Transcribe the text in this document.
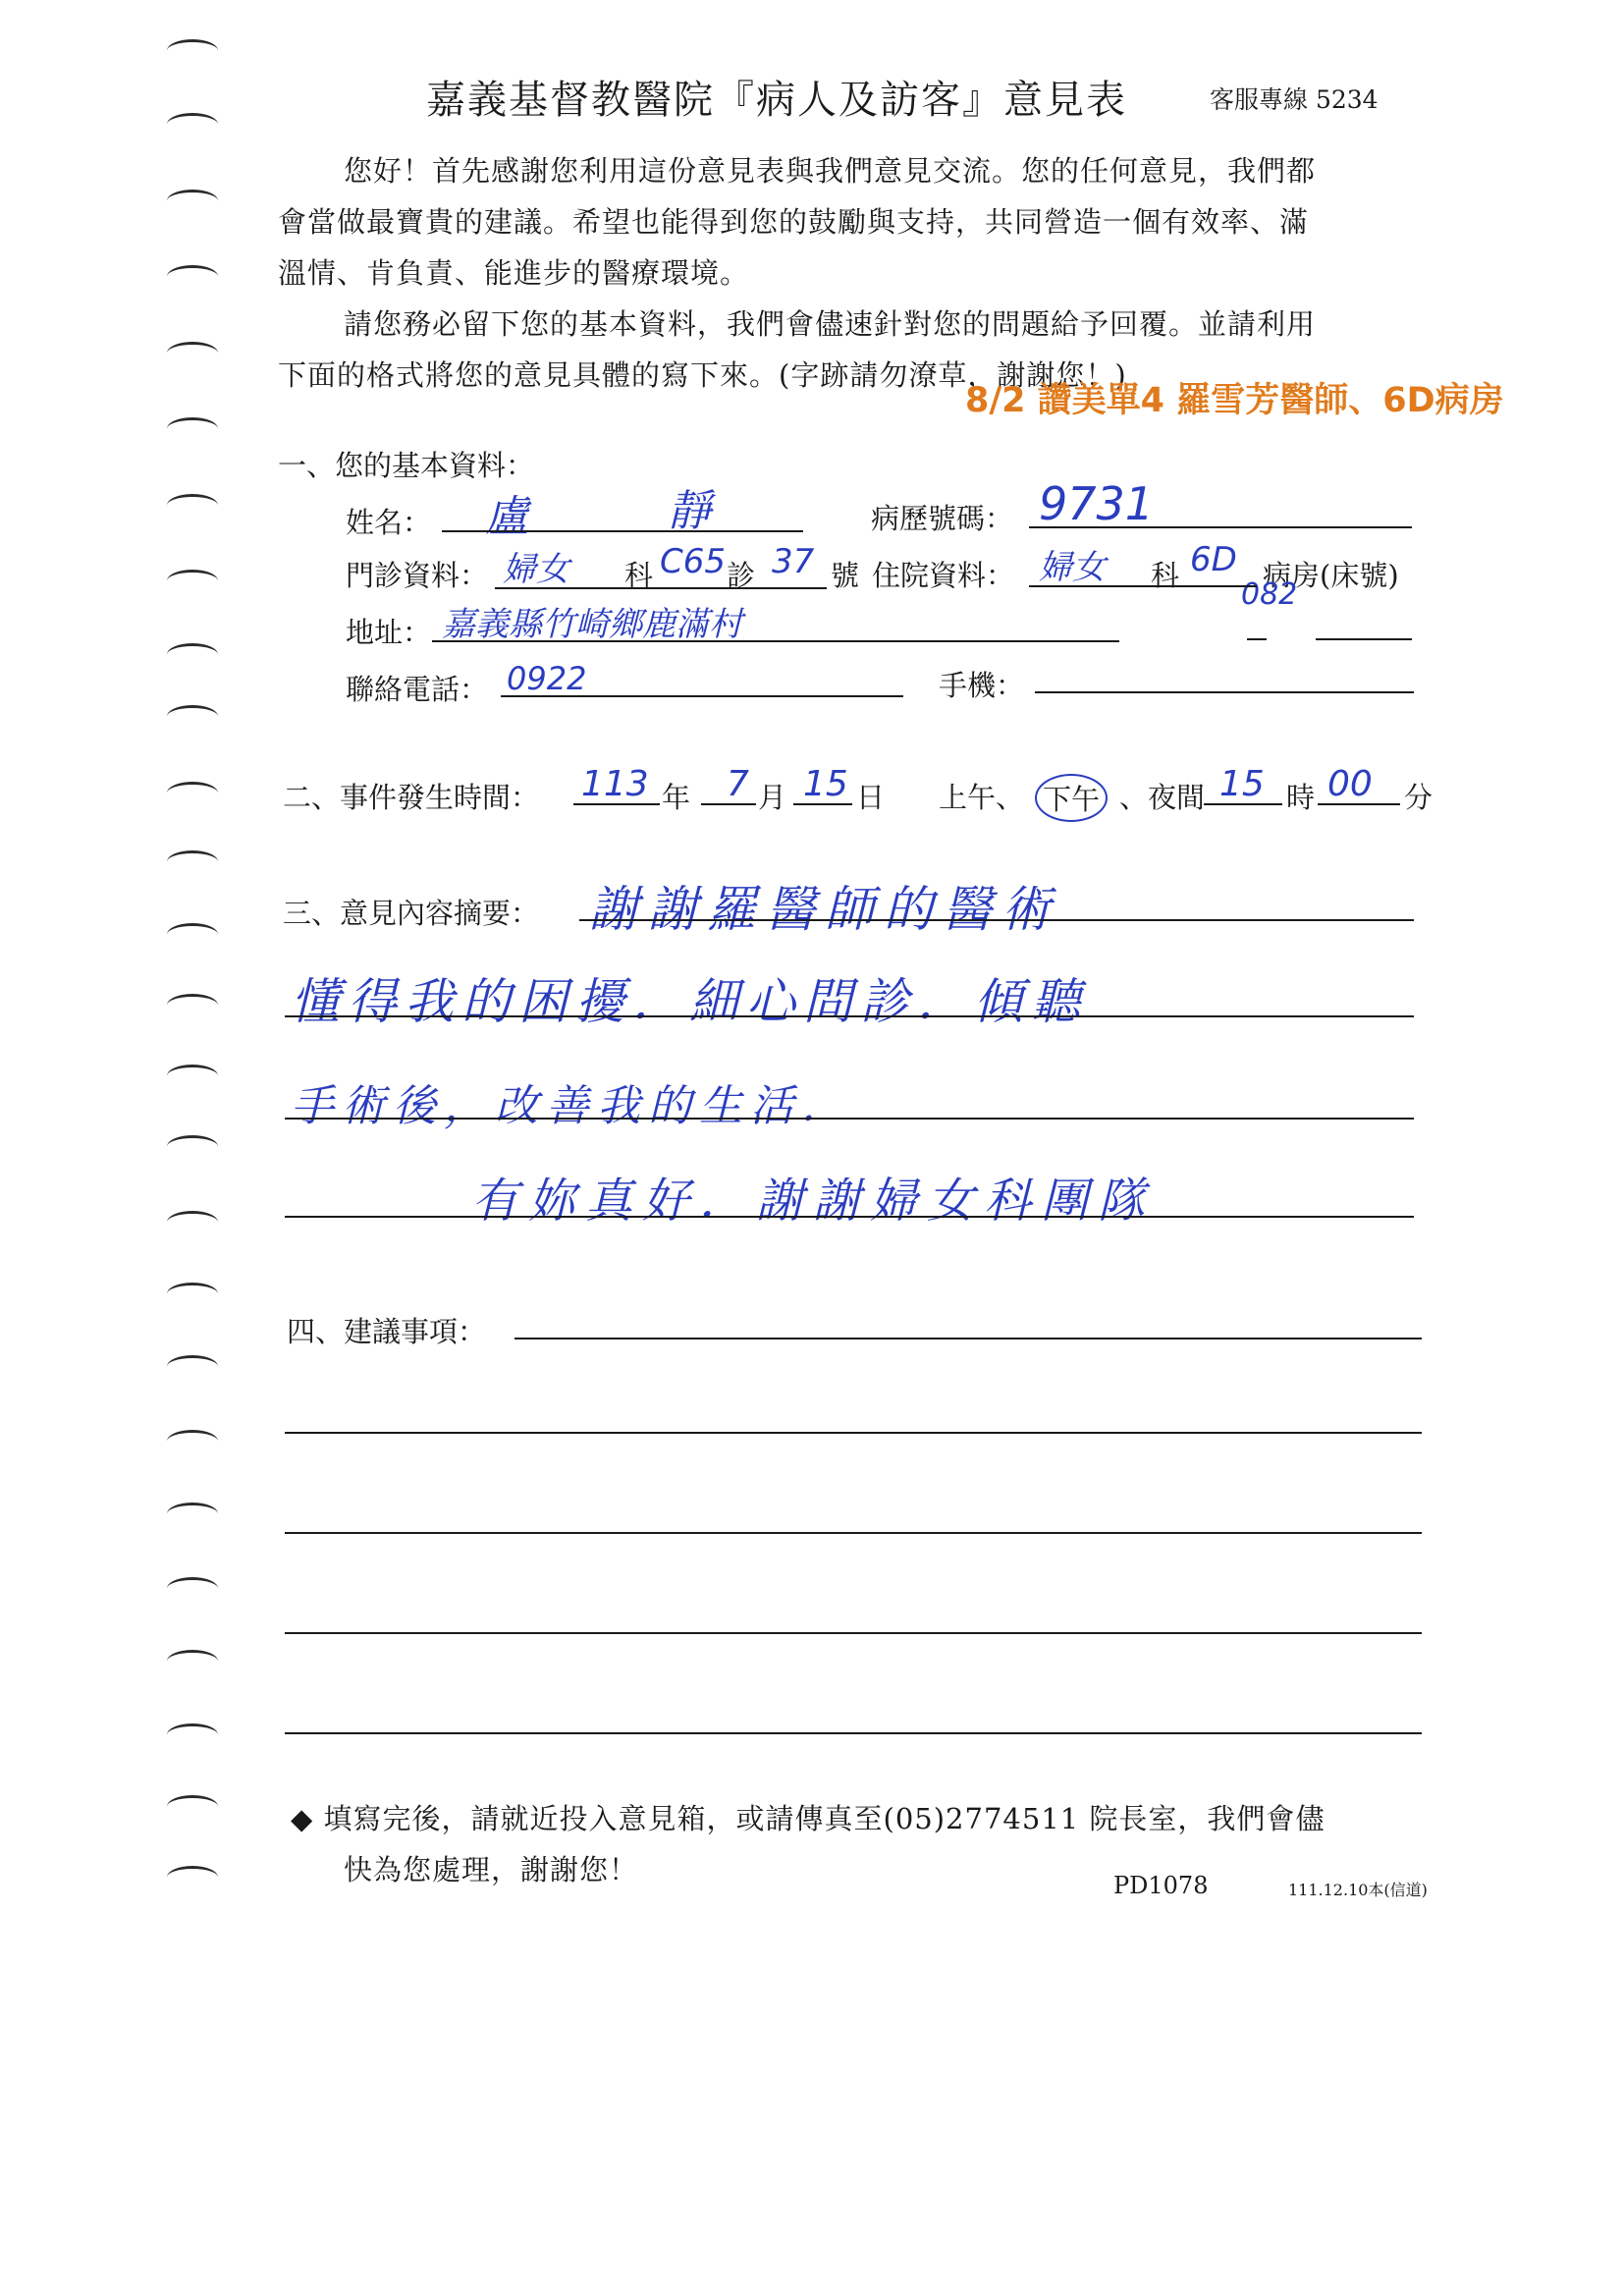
嘉義基督教醫院『病人及訪客』意見表	客服專線 5234
您好！首先感謝您利用這份意見表與我們意見交流。您的任何意見，我們都
會當做最寶貴的建議。希望也能得到您的鼓勵與支持，共同營造一個有效率、滿
溫情、肯負責、能進步的醫療環境。
請您務必留下您的基本資料，我們會儘速針對您的問題給予回覆。並請利用
下面的格式將您的意見具體的寫下來。(字跡請勿潦草，謝謝您！)
8/2 讚美單4 羅雪芳醫師、6D病房
一、您的基本資料：
姓名： 盧	靜	病歷號碼： 9731
門診資料： 婦女 科 C65 診 37 號 住院資料： 婦女 科 6D 病房(床號)
082
地址： 嘉義縣竹崎鄉鹿滿村
聯絡電話： 0922	手機：
二、事件發生時間： 113 年 7 月 15 日 上午、 下午 、夜間 15 時 00 分
三、意見內容摘要： 謝謝羅醫師的醫術
懂得我的困擾．細心問診．傾聽
手術後，改善我的生活．
有妳真好．謝謝婦女科團隊
四、建議事項：
◆ 填寫完後，請就近投入意見箱，或請傳真至(05)2774511 院長室，我們會儘
快為您處理，謝謝您！	PD1078	111.12.10本(信道)
